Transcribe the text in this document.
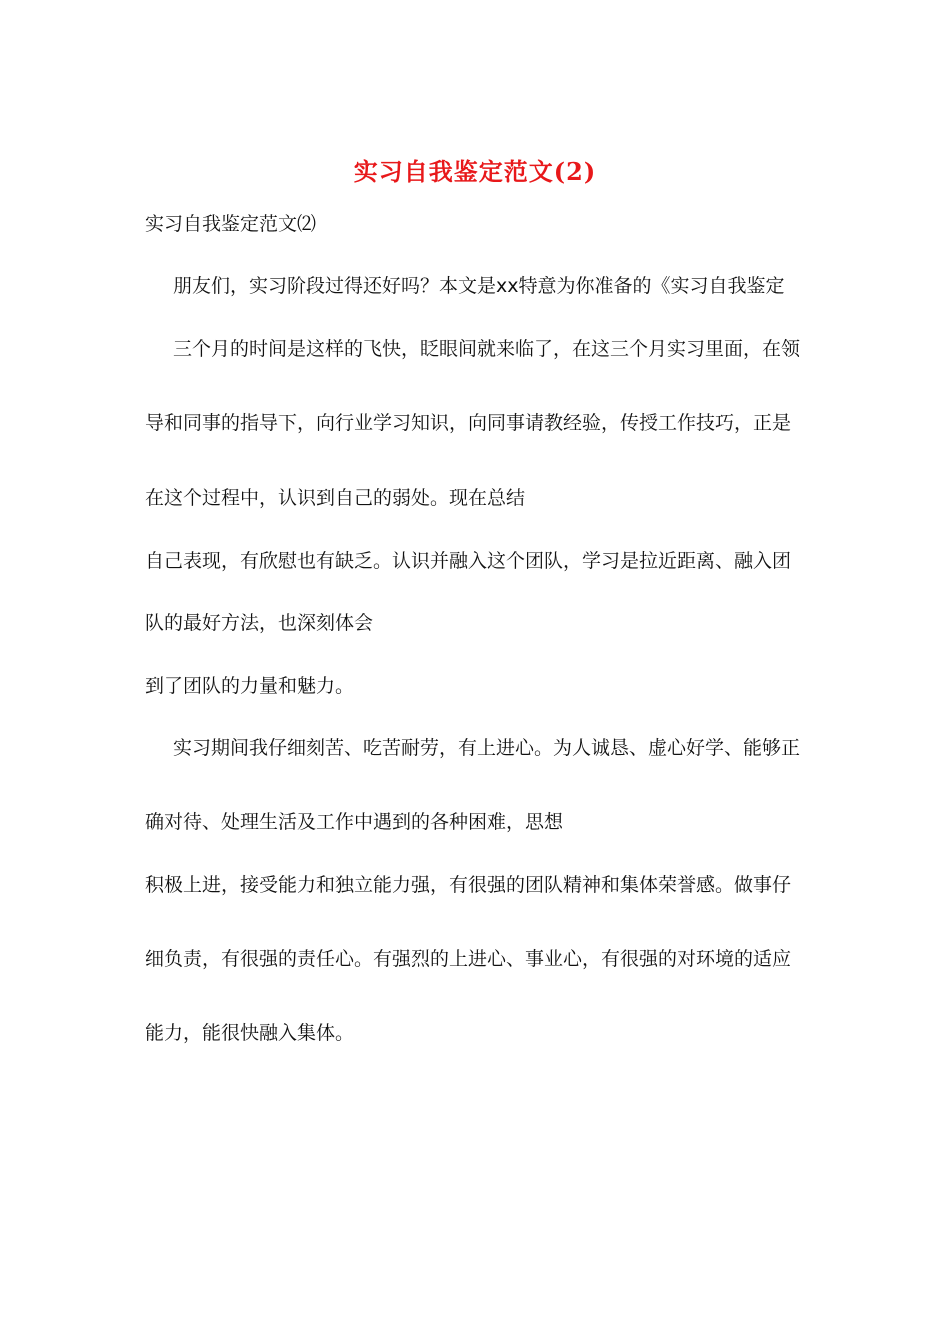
实习自我鉴定范文(2)
实习自我鉴定范文⑵
朋友们，实习阶段过得还好吗？本文是xx特意为你准备的《实习自我鉴定
三个月的时间是这样的飞快，眨眼间就来临了，在这三个月实习里面，在领
导和同事的指导下，向行业学习知识，向同事请教经验，传授工作技巧，正是
在这个过程中，认识到自己的弱处。现在总结
自己表现，有欣慰也有缺乏。认识并融入这个团队，学习是拉近距离、融入团
队的最好方法，也深刻体会
到了团队的力量和魅力。
实习期间我仔细刻苦、吃苦耐劳，有上进心。为人诚恳、虚心好学、能够正
确对待、处理生活及工作中遇到的各种困难，思想
积极上进，接受能力和独立能力强，有很强的团队精神和集体荣誉感。做事仔
细负责，有很强的责任心。有强烈的上进心、事业心，有很强的对环境的适应
能力，能很快融入集体。
